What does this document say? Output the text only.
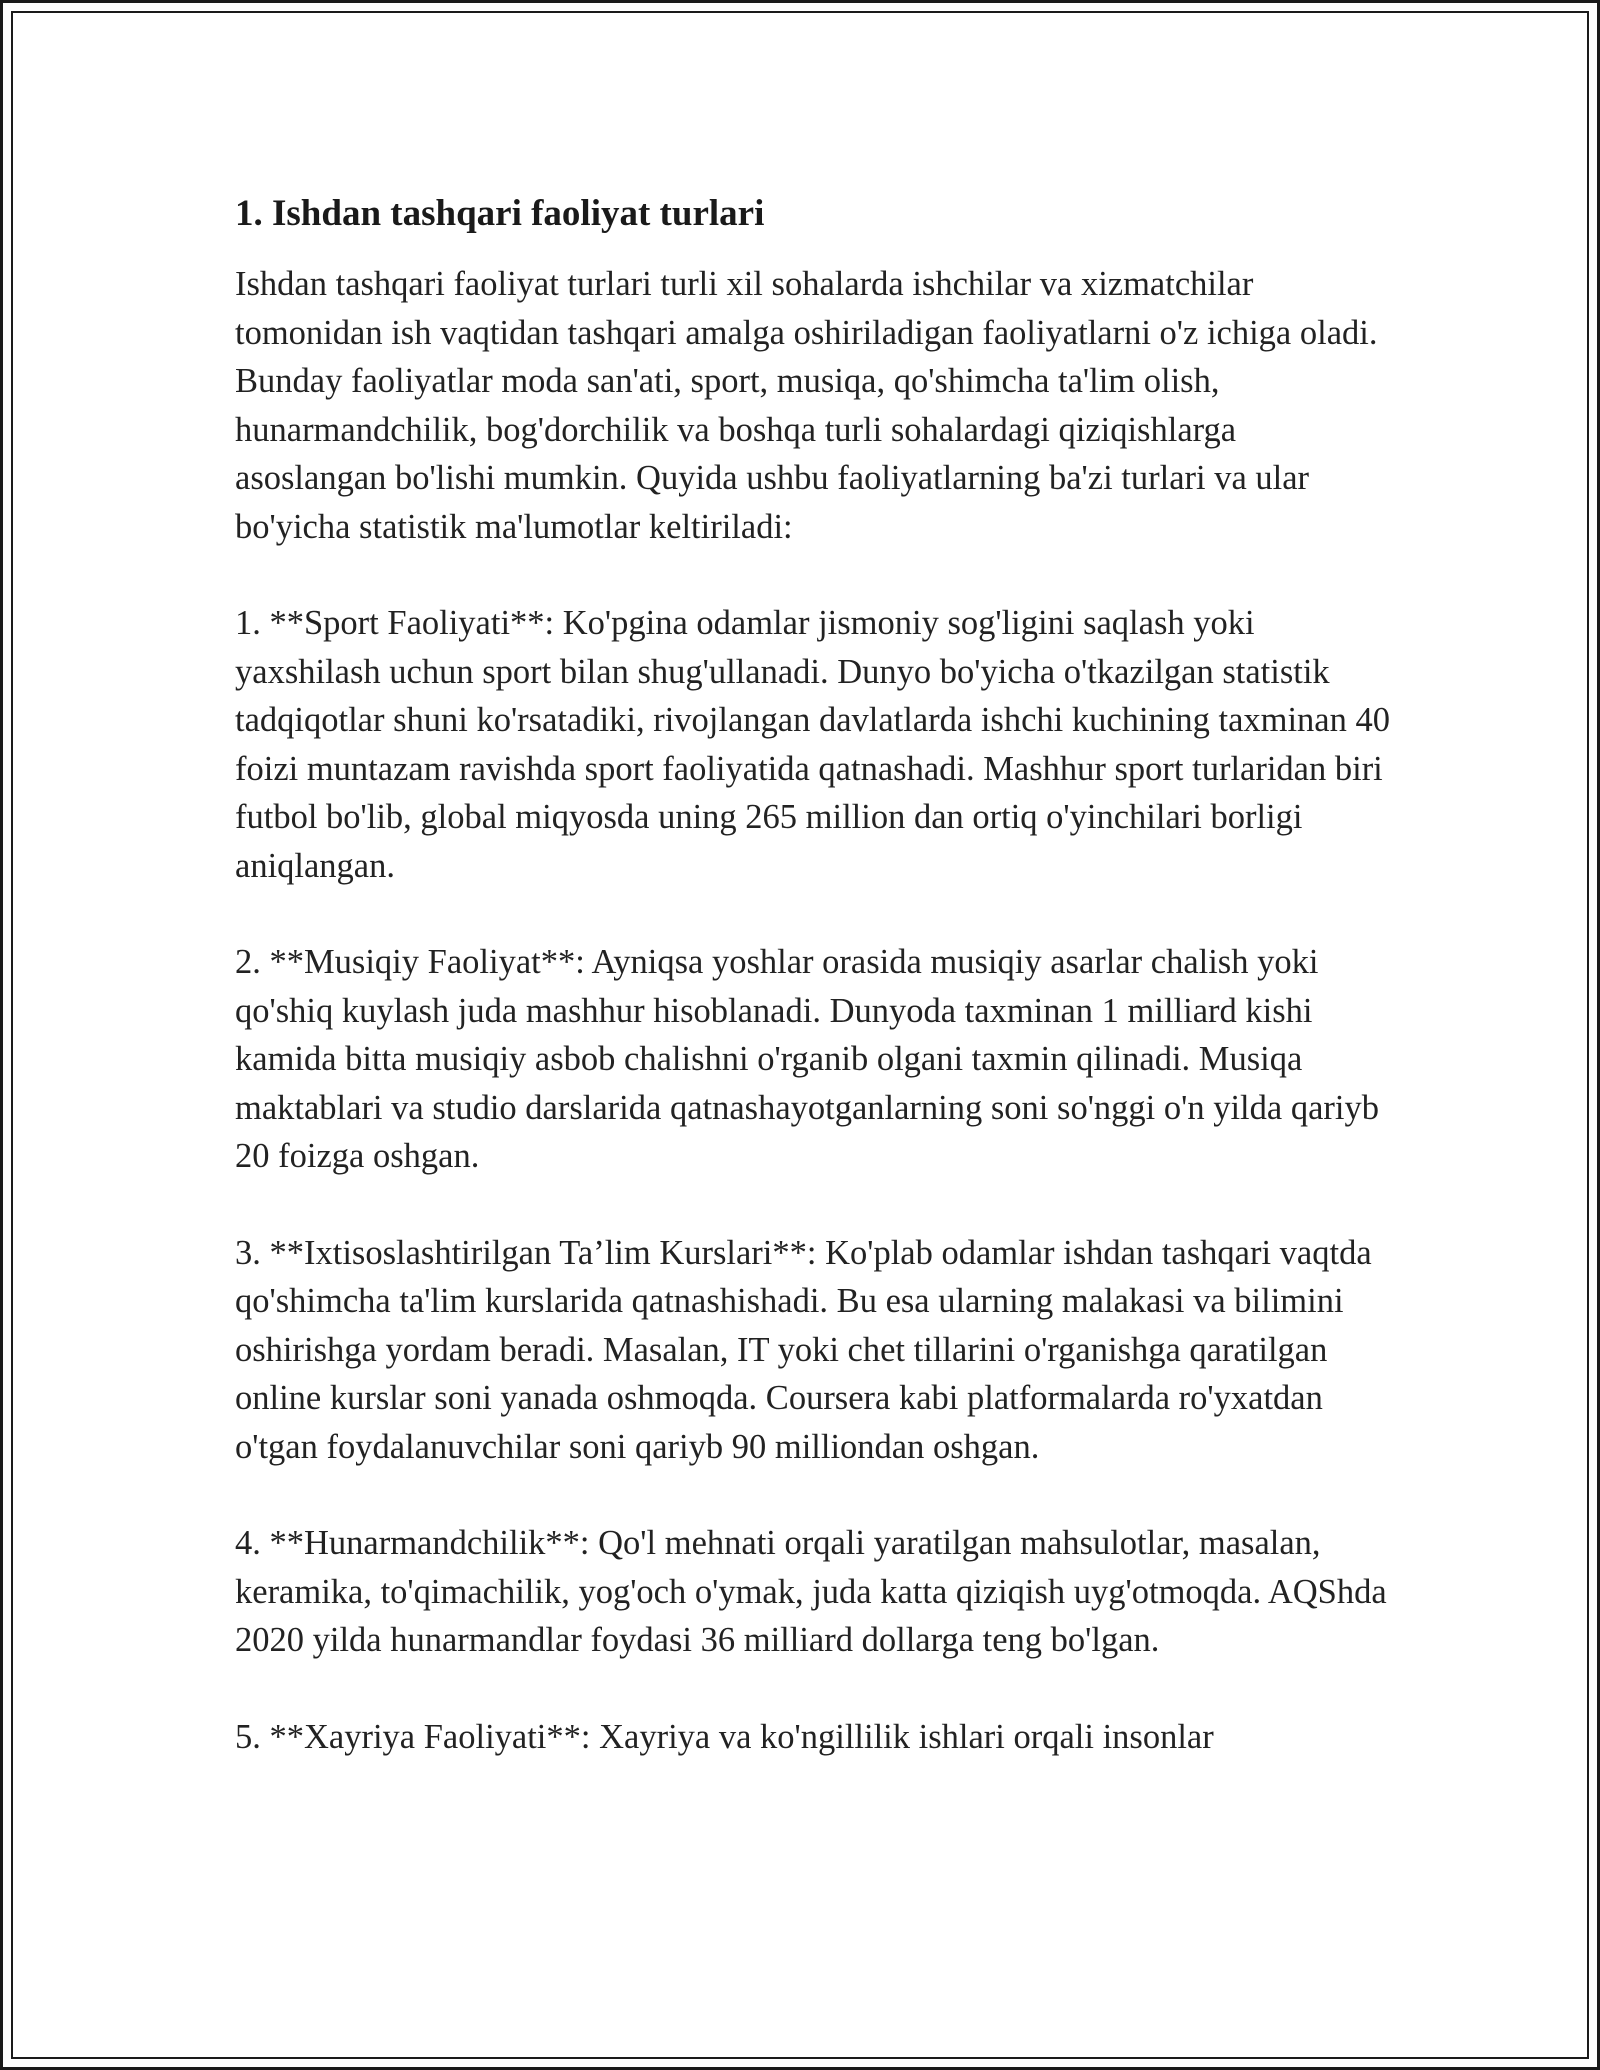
1. Ishdan tashqari faoliyat turlari

Ishdan tashqari faoliyat turlari turli xil sohalarda ishchilar va xizmatchilar tomonidan ish vaqtidan tashqari amalga oshiriladigan faoliyatlarni o'z ichiga oladi. Bunday faoliyatlar moda san'ati, sport, musiqa, qo'shimcha ta'lim olish, hunarmandchilik, bog'dorchilik va boshqa turli sohalardagi qiziqishlarga asoslangan bo'lishi mumkin. Quyida ushbu faoliyatlarning ba'zi turlari va ular bo'yicha statistik ma'lumotlar keltiriladi:

1. **Sport Faoliyati**: Ko'pgina odamlar jismoniy sog'ligini saqlash yoki yaxshilash uchun sport bilan shug'ullanadi. Dunyo bo'yicha o'tkazilgan statistik tadqiqotlar shuni ko'rsatadiki, rivojlangan davlatlarda ishchi kuchining taxminan 40 foizi muntazam ravishda sport faoliyatida qatnashadi. Mashhur sport turlaridan biri futbol bo'lib, global miqyosda uning 265 million dan ortiq o'yinchilari borligi aniqlangan.

2. **Musiqiy Faoliyat**: Ayniqsa yoshlar orasida musiqiy asarlar chalish yoki qo'shiq kuylash juda mashhur hisoblanadi. Dunyoda taxminan 1 milliard kishi kamida bitta musiqiy asbob chalishni o'rganib olgani taxmin qilinadi. Musiqa maktablari va studio darslarida qatnashayotganlarning soni so'nggi o'n yilda qariyb 20 foizga oshgan.

3. **Ixtisoslashtirilgan Ta’lim Kurslari**: Ko'plab odamlar ishdan tashqari vaqtda qo'shimcha ta'lim kurslarida qatnashishadi. Bu esa ularning malakasi va bilimini oshirishga yordam beradi. Masalan, IT yoki chet tillarini o'rganishga qaratilgan online kurslar soni yanada oshmoqda. Coursera kabi platformalarda ro'yxatdan o'tgan foydalanuvchilar soni qariyb 90 milliondan oshgan.

4. **Hunarmandchilik**: Qo'l mehnati orqali yaratilgan mahsulotlar, masalan, keramika, to'qimachilik, yog'och o'ymak, juda katta qiziqish uyg'otmoqda. AQShda 2020 yilda hunarmandlar foydasi 36 milliard dollarga teng bo'lgan.

5. **Xayriya Faoliyati**: Xayriya va ko'ngillilik ishlari orqali insonlar
